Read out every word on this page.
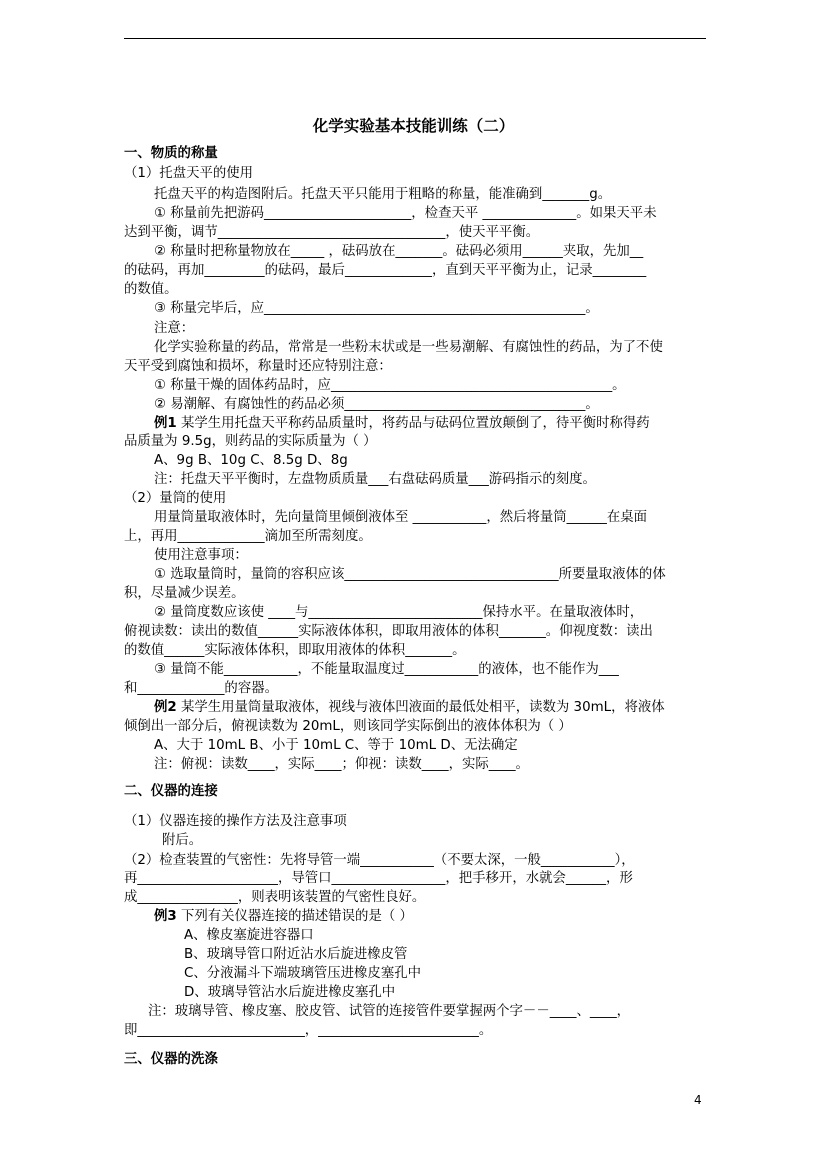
化学实验基本技能训练（二）
一、物质的称量
（1）托盘天平的使用
托盘天平的构造图附后。托盘天平只能用于粗略的称量，能准确到_______g。
① 称量前先把游码______________________，检查天平 ______________。如果天平未
达到平衡，调节__________________________________，使天平平衡。
② 称量时把称量物放在_____ ，砝码放在_______。砝码必须用______夹取，先加__
的砝码，再加_________的砝码，最后_____________，直到天平平衡为止，记录________
的数值。
③ 称量完毕后，应________________________________________________。
注意：
化学实验称量的药品，常常是一些粉末状或是一些易潮解、有腐蚀性的药品，为了不使
天平受到腐蚀和损坏，称量时还应特别注意：
① 称量干燥的固体药品时，应__________________________________________。
② 易潮解、有腐蚀性的药品必须____________________________________。
例1 某学生用托盘天平称药品质量时，将药品与砝码位置放颠倒了，待平衡时称得药
品质量为 9.5g，则药品的实际质量为（ ）
A、9g B、10g C、8.5g D、8g
注：托盘天平平衡时，左盘物质质量___右盘砝码质量___游码指示的刻度。
（2）量筒的使用
用量筒量取液体时，先向量筒里倾倒液体至 ___________，然后将量筒______在桌面
上，再用_____________滴加至所需刻度。
使用注意事项：
① 选取量筒时，量筒的容积应该________________________________所要量取液体的体
积，尽量减少误差。
② 量筒度数应该使 ____与__________________________保持水平。在量取液体时，
俯视读数：读出的数值______实际液体体积，即取用液体的体积_______。仰视度数：读出
的数值______实际液体体积，即取用液体的体积_______。
③ 量筒不能___________，不能量取温度过___________的液体，也不能作为___
和_____________的容器。
例2 某学生用量筒量取液体，视线与液体凹液面的最低处相平，读数为 30mL，将液体
倾倒出一部分后，俯视读数为 20mL，则该同学实际倒出的液体体积为（ ）
A、大于 10mL B、小于 10mL C、等于 10mL D、无法确定
注：俯视：读数____，实际____；仰视：读数____，实际____。
二、仪器的连接
（1）仪器连接的操作方法及注意事项
附后。
（2）检查装置的气密性：先将导管一端___________（不要太深，一般___________），
再_____________________，导管口_________________，把手移开，水就会______，形
成_______________，则表明该装置的气密性良好。
例3 下列有关仪器连接的描述错误的是（ ）
A、橡皮塞旋进容器口
B、玻璃导管口附近沾水后旋进橡皮管
C、分液漏斗下端玻璃管压进橡皮塞孔中
D、玻璃导管沾水后旋进橡皮塞孔中
注：玻璃导管、橡皮塞、胶皮管、试管的连接管件要掌握两个字－－____、____，
即_________________________，________________________。
三、仪器的洗涤
4
